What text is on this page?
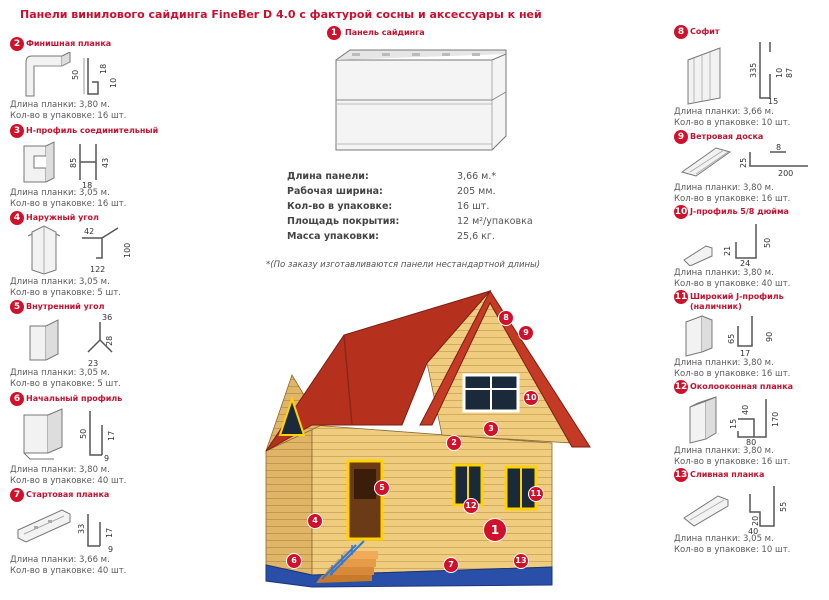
Панели винилового сайдинга FineBer D 4.0 с фактурой сосны и аксессуары к ней
2 Финишная планка
50
18
10
Длина планки: 3,80 м.
Кол-во в упаковке: 16 шт.
3 Н-профиль соединительный
85	43
18
Длина планки: 3,05 м.
Кол-во в упаковке: 16 шт.
4 Наружный угол
42
100
122
Длина планки: 3,05 м.
Кол-во в упаковке: 5 шт.
5 Внутренний угол
36
28
23
Длина планки: 3,05 м.
Кол-во в упаковке: 5 шт.
6 Начальный профиль
50 17
9
Длина планки: 3,80 м.
Кол-во в упаковке: 40 шт.
7 Стартовая планка
33 17
9
Длина планки: 3,66 м.
Кол-во в упаковке: 40 шт.
1 Панель сайдинга
Длина панели:	3,66 м.*
Рабочая ширина:	205 мм.
Кол-во в упаковке:	16 шт.
Площадь покрытия:	12 м²/упаковка
Масса упаковки:	25,6 кг.
*(По заказу изготавливаются панели нестандартной длины)
8
9
10
3
2
5
4
12
11
1
6	7	13
8 Софит
335	87
10
15
Длина планки: 3,66 м.
Кол-во в упаковке: 10 шт.
9 Ветровая доска
8
25
200
Длина планки: 3,80 м.
Кол-во в упаковке: 16 шт.
10 J-профиль 5/8 дюйма
21
50
24
Длина планки: 3,80 м.
Кол-во в упаковке: 40 шт.
11 Широкий J-профиль
(наличник)
65	90
17
Длина планки: 3,80 м.
Кол-во в упаковке: 16 шт.
12 Околооконная планка
40
170
15
80
Длина планки: 3,80 м.
Кол-во в упаковке: 16 шт.
13 Сливная планка
55
20
40
Длина планки: 3,05 м.
Кол-во в упаковке: 10 шт.
